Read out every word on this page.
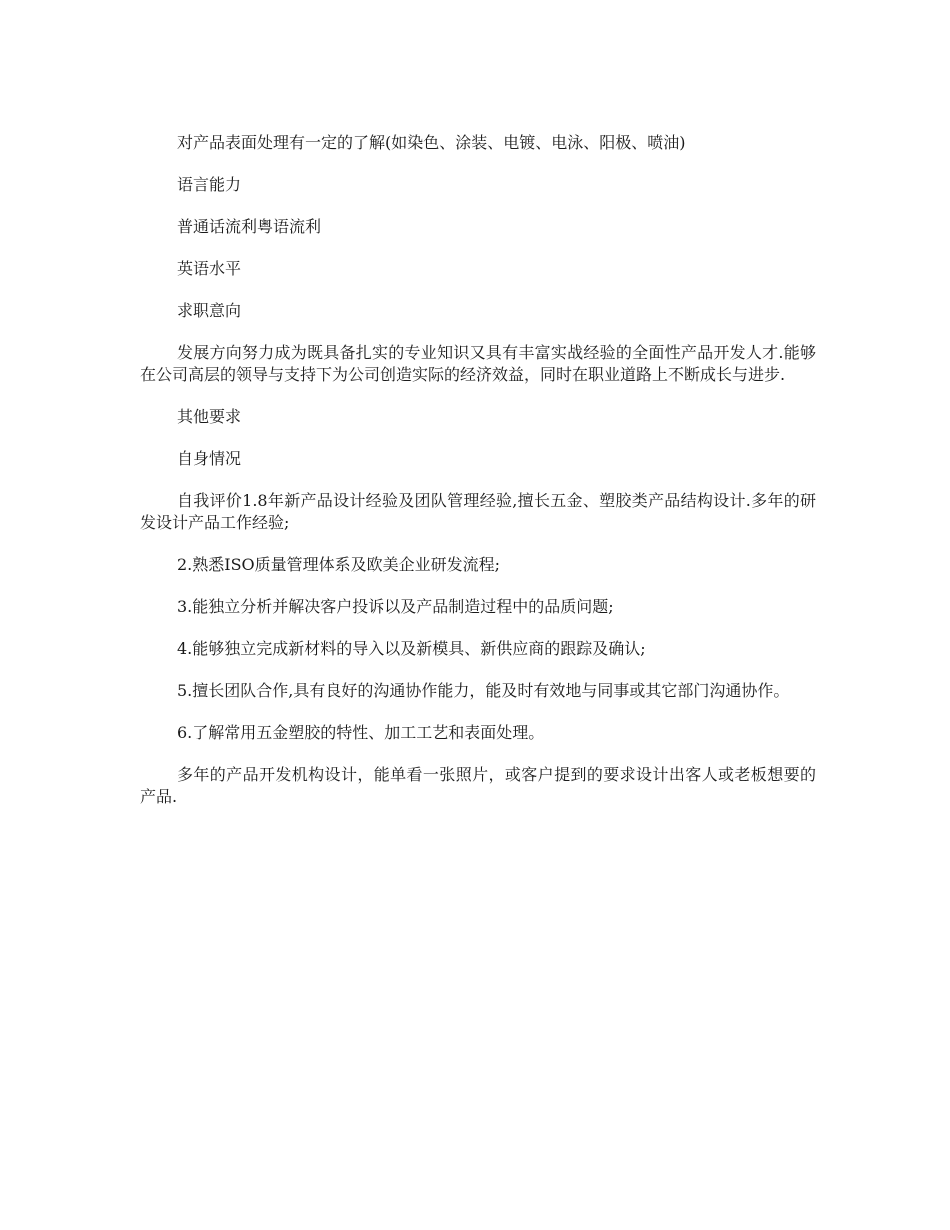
对产品表面处理有一定的了解(如染色、涂装、电镀、电泳、阳极、喷油)

语言能力

普通话流利粤语流利

英语水平

求职意向

发展方向努力成为既具备扎实的专业知识又具有丰富实战经验的全面性产品开发人才.能够在公司高层的领导与支持下为公司创造实际的经济效益，同时在职业道路上不断成长与进步.

其他要求

自身情况

自我评价1.8年新产品设计经验及团队管理经验,擅长五金、塑胶类产品结构设计.多年的研发设计产品工作经验;

2.熟悉ISO质量管理体系及欧美企业研发流程;

3.能独立分析并解决客户投诉以及产品制造过程中的品质问题;

4.能够独立完成新材料的导入以及新模具、新供应商的跟踪及确认;

5.擅长团队合作,具有良好的沟通协作能力，能及时有效地与同事或其它部门沟通协作。

6.了解常用五金塑胶的特性、加工工艺和表面处理。

多年的产品开发机构设计，能单看一张照片，或客户提到的要求设计出客人或老板想要的产品.
